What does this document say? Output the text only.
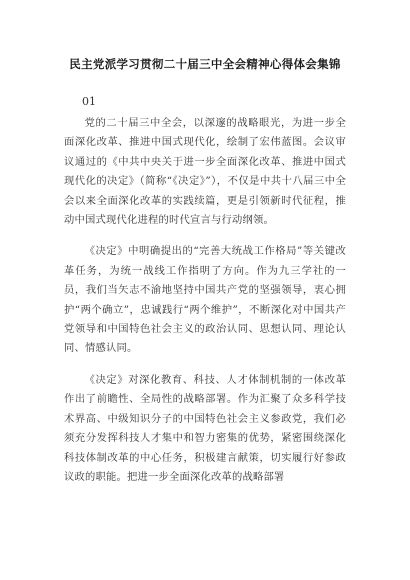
民主党派学习贯彻二十届三中全会精神心得体会集锦

01

党的二十届三中全会，以深邃的战略眼光，为进一步全面深化改革、推进中国式现代化，绘制了宏伟蓝图。会议审议通过的《中共中央关于进一步全面深化改革、推进中国式现代化的决定》（简称“《决定》”），不仅是中共十八届三中全会以来全面深化改革的实践续篇，更是引领新时代征程，推动中国式现代化进程的时代宣言与行动纲领。

《决定》中明确提出的“完善大统战工作格局”等关键改革任务，为统一战线工作指明了方向。作为九三学社的一员，我们当矢志不渝地坚持中国共产党的坚强领导，衷心拥护“两个确立”，忠诚践行“两个维护”，不断深化对中国共产党领导和中国特色社会主义的政治认同、思想认同、理论认同、情感认同。

《决定》对深化教育、科技、人才体制机制的一体改革作出了前瞻性、全局性的战略部署。作为汇聚了众多科学技术界高、中级知识分子的中国特色社会主义参政党，我们必须充分发挥科技人才集中和智力密集的优势，紧密围绕深化科技体制改革的中心任务，积极建言献策，切实履行好参政议政的职能。把进一步全面深化改革的战略部署
